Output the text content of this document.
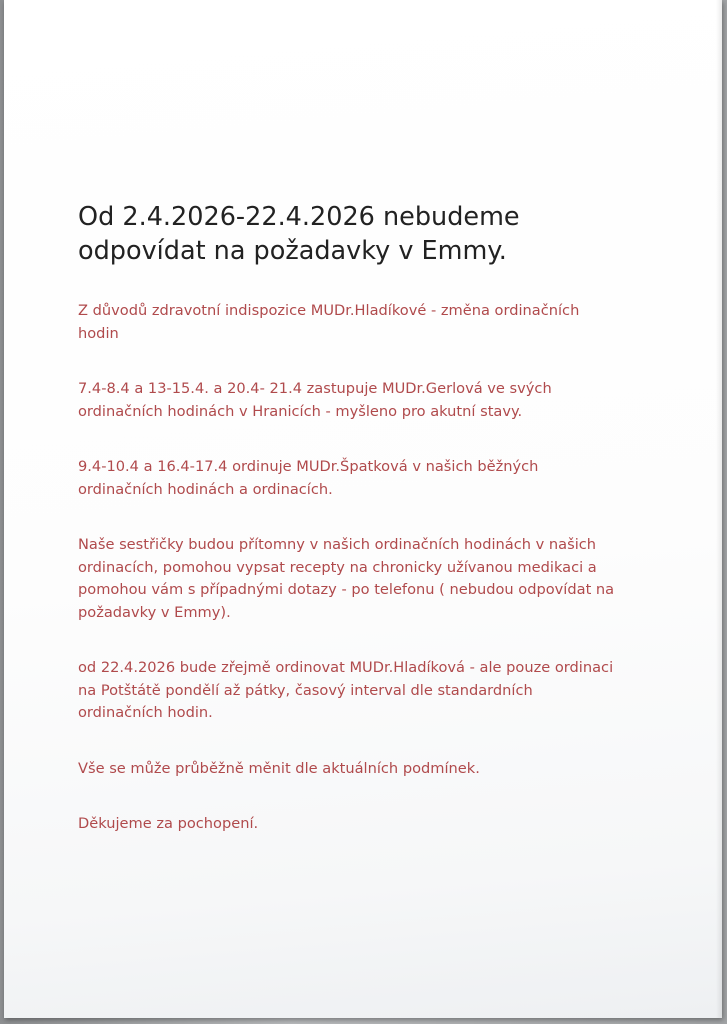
Od 2.4.2026-22.4.2026 nebudeme
odpovídat na požadavky v Emmy.

Z důvodů zdravotní indispozice MUDr.Hladíkové - změna ordinačních
hodin

7.4-8.4 a 13-15.4. a 20.4- 21.4 zastupuje MUDr.Gerlová ve svých
ordinačních hodinách v Hranicích - myšleno pro akutní stavy.

9.4-10.4 a 16.4-17.4 ordinuje MUDr.Špatková v našich běžných
ordinačních hodinách a ordinacích.

Naše sestřičky budou přítomny v našich ordinačních hodinách v našich
ordinacích, pomohou vypsat recepty na chronicky užívanou medikaci a
pomohou vám s případnými dotazy - po telefonu ( nebudou odpovídat na
požadavky v Emmy).

od 22.4.2026 bude zřejmě ordinovat MUDr.Hladíková - ale pouze ordinaci
na Potštátě pondělí až pátky, časový interval dle standardních
ordinačních hodin.

Vše se může průběžně měnit dle aktuálních podmínek.

Děkujeme za pochopení.
